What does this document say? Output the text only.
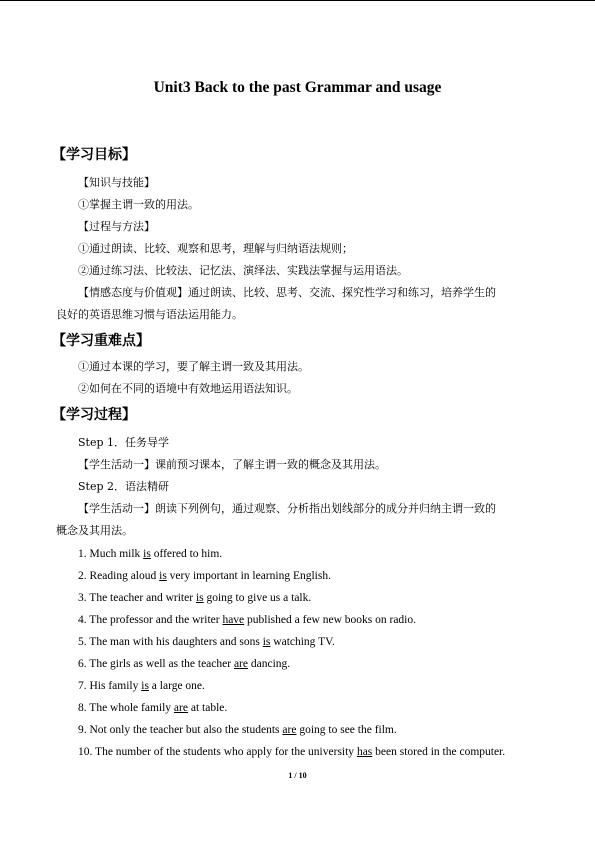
Unit3 Back to the past Grammar and usage
【学习目标】
【知识与技能】
①掌握主谓一致的用法。
【过程与方法】
①通过朗读、比较、观察和思考，理解与归纳语法规则；
②通过练习法、比较法、记忆法、演绎法、实践法掌握与运用语法。
【情感态度与价值观】通过朗读、比较、思考、交流、探究性学习和练习，培养学生的
良好的英语思维习惯与语法运用能力。
【学习重难点】
①通过本课的学习，要了解主谓一致及其用法。
②如何在不同的语境中有效地运用语法知识。
【学习过程】
Step 1．任务导学
【学生活动一】课前预习课本，了解主谓一致的概念及其用法。
Step 2．语法精研
【学生活动一】朗读下列例句，通过观察、分析指出划线部分的成分并归纳主谓一致的
概念及其用法。
1. Much milk is offered to him.
2. Reading aloud is very important in learning English.
3. The teacher and writer is going to give us a talk.
4. The professor and the writer have published a few new books on radio.
5. The man with his daughters and sons is watching TV.
6. The girls as well as the teacher are dancing.
7. His family is a large one.
8. The whole family are at table.
9. Not only the teacher but also the students are going to see the film.
10. The number of the students who apply for the university has been stored in the computer.
1 / 10
